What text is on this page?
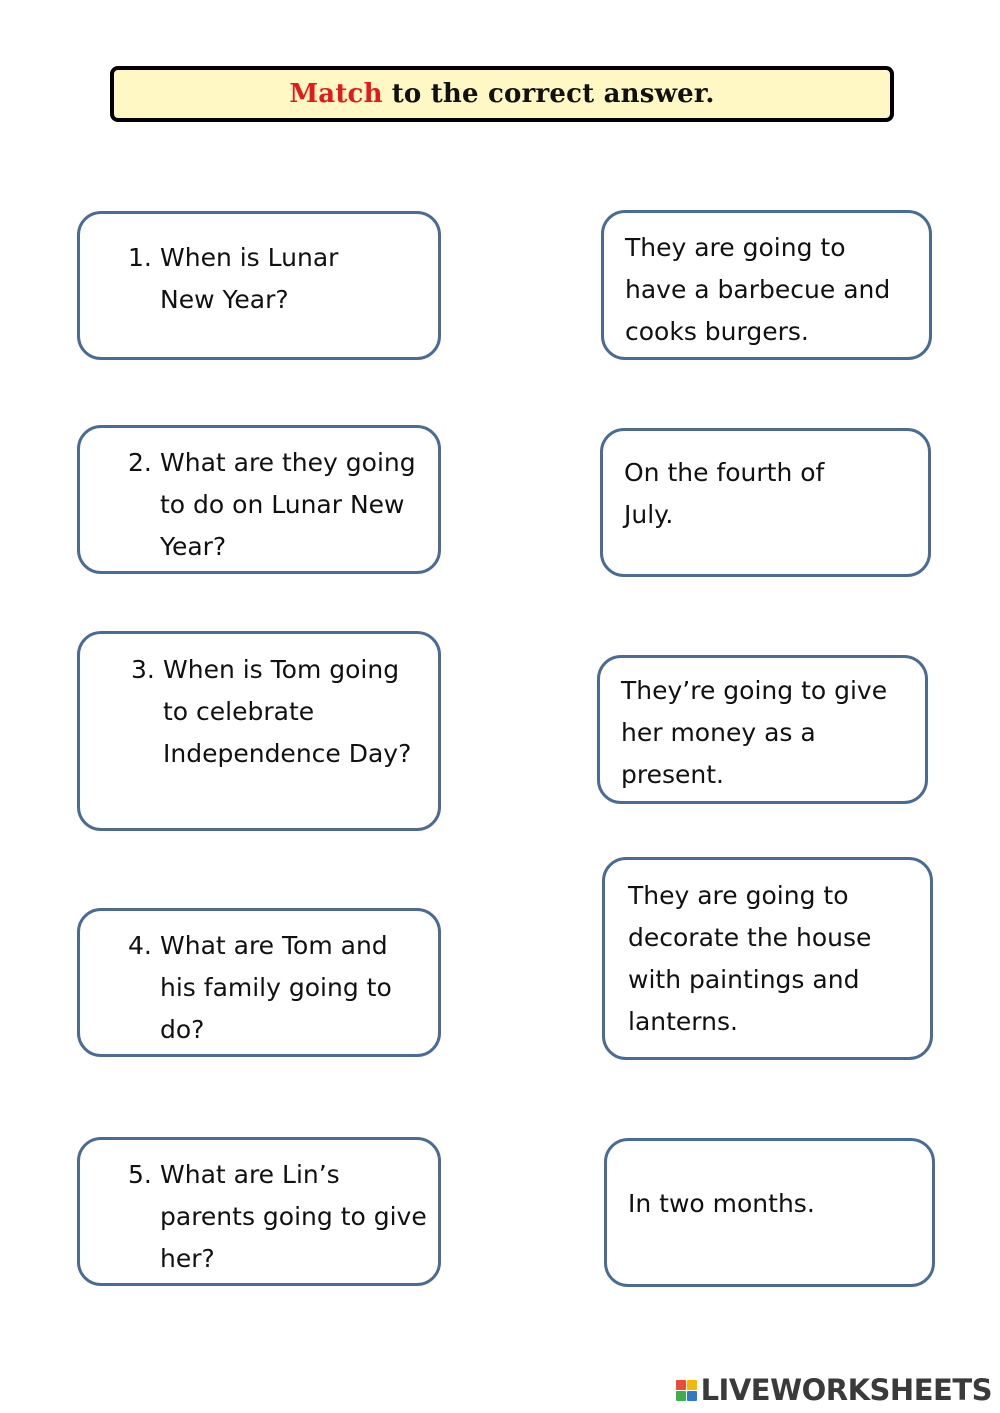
Match to the correct answer.
1. When is Lunar New Year?
2. What are they going to do on Lunar New Year?
3. When is Tom going to celebrate Independence Day?
4. What are Tom and his family going to do?
5. What are Lin’s parents going to give her?
They are going to have a barbecue and cooks burgers.
On the fourth of July.
They’re going to give her money as a present.
They are going to decorate the house with paintings and lanterns.
In two months.
LIVEWORKSHEETS
